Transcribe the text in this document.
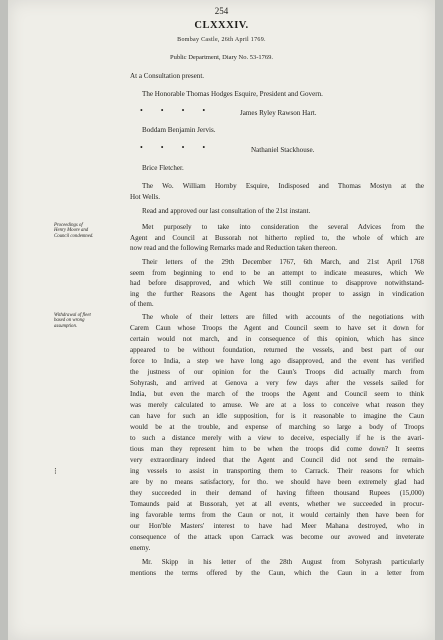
254
CLXXXIV.
Bombay Castle, 26th April 1769.
Public Department, Diary No. 53-1769.
At a Consultation present.
The Honorable Thomas Hodges Esquire, President and Govern.
• • • •	James Ryley Rawson Hart.
Boddam Benjamin Jervis.
• • • •	Nathaniel Stackhouse.
Brice Fletcher.
The Wo. William Hornby Esquire, Indisposed and Thomas Mostyn at the
Hot Wells.
Read and approved our last consultation of the 21st instant.
Proceedings of
Henry Moore and
Council condemned.
Met purposely to take into consideration the several Advices from the
Agent and Council at Bussorah not hitherto replied to, the whole of which are
now read and the following Remarks made and Reduction taken thereon.
Their letters of the 29th December 1767, 6th March, and 21st April 1768
seem from beginning to end to be an attempt to indicate measures, which We
had before disapproved, and which We still continue to disapprove notwithstand-
ing the further Reasons the Agent has thought proper to assign in vindication
of them.
Withdrawal of fleet
based on wrong
assumption.
The whole of their letters are filled with accounts of the negotiations with
Carem Caun whose Troops the Agent and Council seem to have set it down for
certain would not march, and in consequence of this opinion, which has since
appeared to be without foundation, returned the vessels, and best part of our
force to India, a step we have long ago disapproved, and the event has verified
the justness of our opinion for the Caun's Troops did actually march from
Sohyrash, and arrived at Genova a very few days after the vessels sailed for
India, but even the march of the troops the Agent and Council seem to think
was merely calculated to amuse. We are at a loss to conceive what reason they
can have for such an idle supposition, for is it reasonable to imagine the Caun
would be at the trouble, and expense of marching so large a body of Troops
to such a distance merely with a view to deceive, especially if he is the avari-
tious man they represent him to be when the troops did come down? It seems
very extraordinary indeed that the Agent and Council did not send the remain-
ing vessels to assist in transporting them to Carrack. Their reasons for which
are by no means satisfactory, for tho. we should have been extremely glad had
they succeeded in their demand of having fifteen thousand Rupees (15,000)
Tomaunds paid at Bussorah, yet at all events, whether we succeeded in procur-
ing favorable terms from the Caun or not, it would certainly then have been for
our Hon'ble Masters' interest to have had Meer Mahana destroyed, who in
consequence of the attack upon Carrack was become our avowed and inveterate
enemy.
⁝
Mr. Skipp in his letter of the 28th August from Sohyrash particularly
mentions the terms offered by the Caun, which the Caun in a letter from
